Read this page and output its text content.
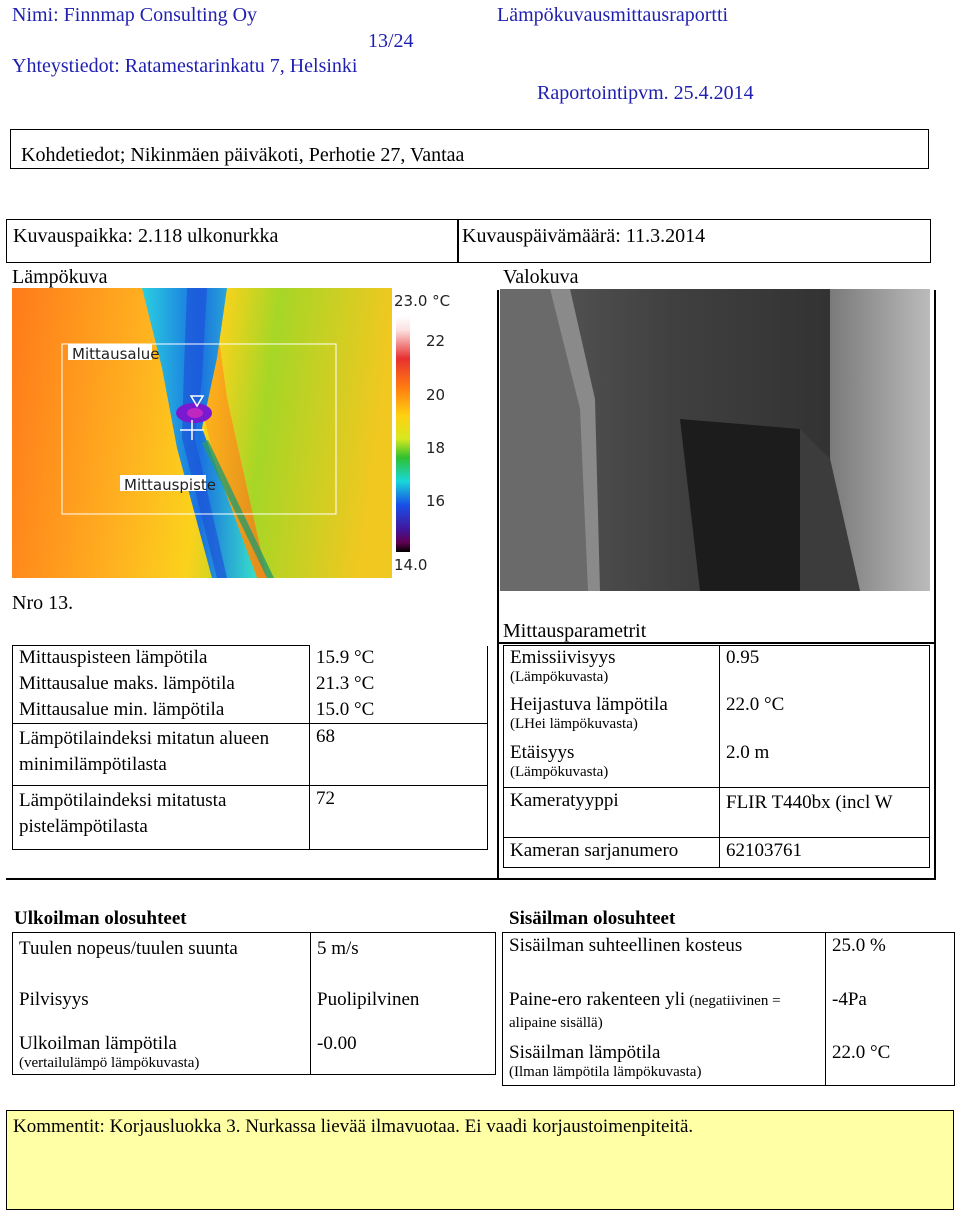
Nimi: Finnmap Consulting Oy
13/24
Yhteystiedot: Ratamestarinkatu 7, Helsinki
Lämpökuvausmittausraportti
Raportointipvm. 25.4.2014
Kohdetiedot; Nikinmäen päiväkoti, Perhotie 27, Vantaa
Kuvauspaikka: 2.118 ulkonurkka	Kuvauspäivämäärä: 11.3.2014
Lämpökuva	Valokuva
Mittausalue
Mittauspiste
23.0 °C
22
20
18
16
14.0
Nro 13.
Mittauspisteen lämpötila	15.9 °C
Mittausalue maks. lämpötila	21.3 °C
Mittausalue min. lämpötila	15.0 °C
Lämpötilaindeksi mitatun alueen minimilämpötilasta	68
Lämpötilaindeksi mitatusta pistelämpötilasta	72
Mittausparametrit
Emissiivisyys
(Lämpökuvasta)	0.95

Heijastuva lämpötila
(LHei lämpökuvasta)	22.0 °C

Etäisyys
(Lämpökuvasta)	2.0 m
Kameratyyppi	FLIR T440bx (incl W
Kameran sarjanumero	62103761
Ulkoilman olosuhteet
Tuulen nopeus/tuulen suunta	5 m/s
Pilvisyys	Puolipilvinen

Ulkoilman lämpötila
(vertailulämpö lämpökuvasta)	-0.00
Sisäilman olosuhteet
Sisäilman suhteellinen kosteus	25.0 %
Paine-ero rakenteen yli (negatiivinen = alipaine sisällä)	-4Pa

Sisäilman lämpötila
(Ilman lämpötila lämpökuvasta)	22.0 °C
Kommentit: Korjausluokka 3. Nurkassa lievää ilmavuotaa. Ei vaadi korjaustoimenpiteitä.
